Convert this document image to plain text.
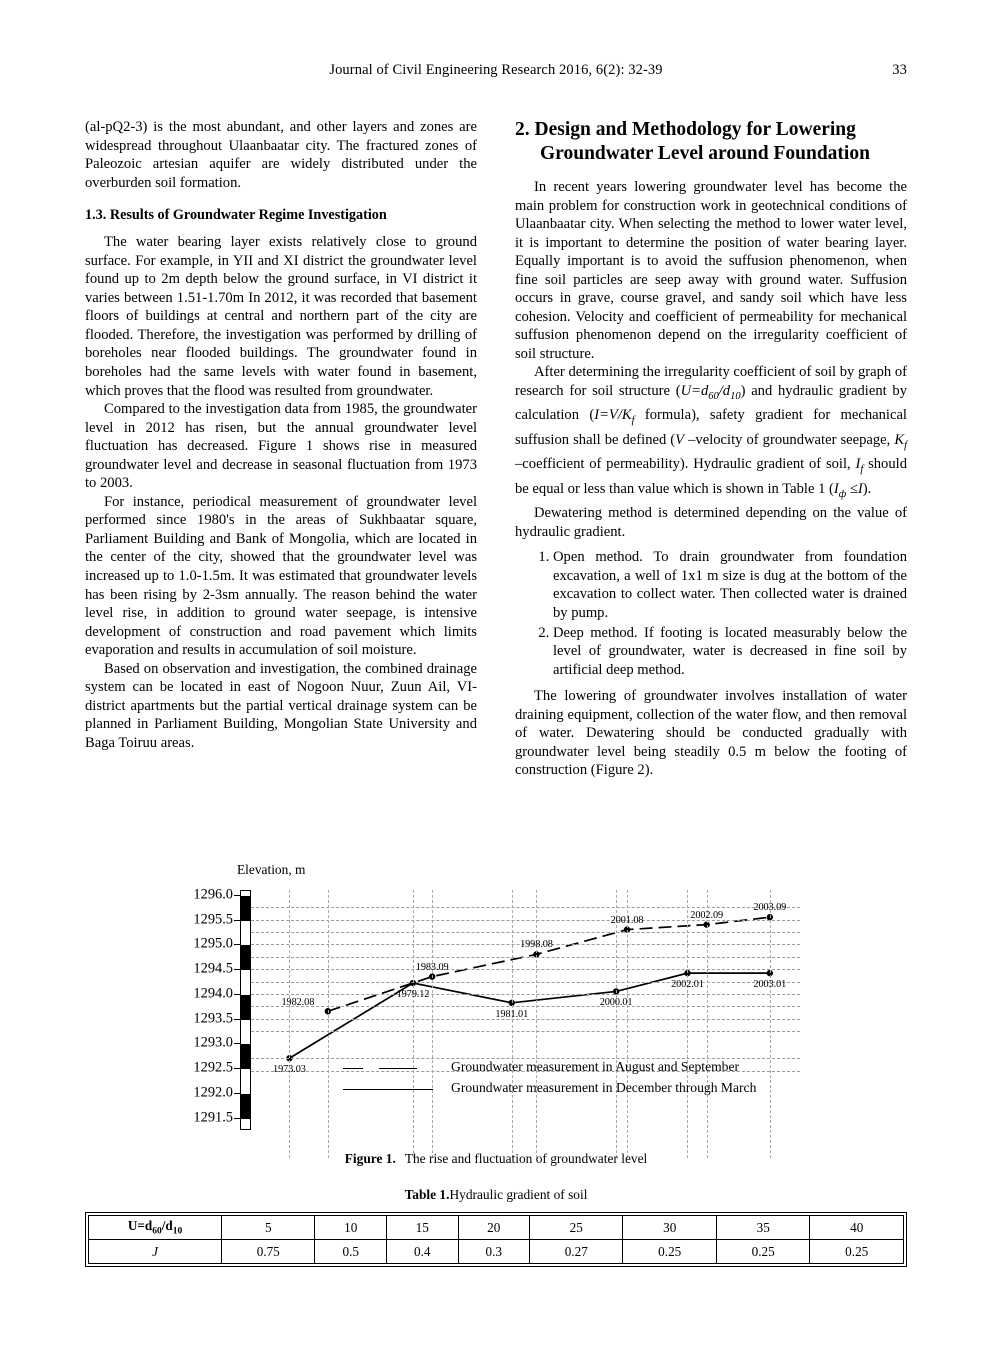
Journal of Civil Engineering Research 2016, 6(2): 32-39	33

(al-pQ2-3) is the most abundant, and other layers and zones are widespread throughout Ulaanbaatar city. The fractured zones of Paleozoic artesian aquifer are widely distributed under the overburden soil formation.

1.3. Results of Groundwater Regime Investigation

The water bearing layer exists relatively close to ground surface. For example, in YII and XI district the groundwater level found up to 2m depth below the ground surface, in VI district it varies between 1.51-1.70m In 2012, it was recorded that basement floors of buildings at central and northern part of the city are flooded. Therefore, the investigation was performed by drilling of boreholes near flooded buildings. The groundwater found in boreholes had the same levels with water found in basement, which proves that the flood was resulted from groundwater.

Compared to the investigation data from 1985, the groundwater level in 2012 has risen, but the annual groundwater level fluctuation has decreased. Figure 1 shows rise in measured groundwater level and decrease in seasonal fluctuation from 1973 to 2003.

For instance, periodical measurement of groundwater level performed since 1980's in the areas of Sukhbaatar square, Parliament Building and Bank of Mongolia, which are located in the center of the city, showed that the groundwater level was increased up to 1.0-1.5m. It was estimated that groundwater levels has been rising by 2-3sm annually. The reason behind the water level rise, in addition to ground water seepage, is intensive development of construction and road pavement which limits evaporation and results in accumulation of soil moisture.

Based on observation and investigation, the combined drainage system can be located in east of Nogoon Nuur, Zuun Ail, VI-district apartments but the partial vertical drainage system can be planned in Parliament Building, Mongolian State University and Baga Toiruu areas.

2. Design and Methodology for Lowering Groundwater Level around Foundation

In recent years lowering groundwater level has become the main problem for construction work in geotechnical conditions of Ulaanbaatar city. When selecting the method to lower water level, it is important to determine the position of water bearing layer. Equally important is to avoid the suffusion phenomenon, when fine soil particles are seep away with ground water. Suffusion occurs in grave, course gravel, and sandy soil which have less cohesion. Velocity and coefficient of permeability for mechanical suffusion phenomenon depend on the irregularity coefficient of soil structure.

After determining the irregularity coefficient of soil by graph of research for soil structure $(U=d_{60}/d_{10})$ and hydraulic gradient by calculation ($I=V/K_f$ formula), safety gradient for mechanical suffusion shall be defined (V –velocity of groundwater seepage, $K_f$ –coefficient of permeability). Hydraulic gradient of soil, $I_f$ should be equal or less than value which is shown in Table 1 $(I_ф \le I)$.

Dewatering method is determined depending on the value of hydraulic gradient.

1. Open method. To drain groundwater from foundation excavation, a well of 1x1 m size is dug at the bottom of the excavation to collect water. Then collected water is drained by pump.
2. Deep method. If footing is located measurably below the level of groundwater, water is decreased in fine soil by artificial deep method.

The lowering of groundwater involves installation of water draining equipment, collection of the water flow, and then removal of water. Dewatering should be conducted gradually with groundwater level being steadily 0.5 m below the footing of construction (Figure 2).

Elevation, m
1296.0
1295.5
1295.0
1294.5
1294.0
1293.5
1293.0
1292.5
1292.0
1291.5
1982.08
1983.09
1998.08
2001.08	2002.09
2003.09
1973.03
1979.12
1981.01
2000.01
2002.01	2003.01
Groundwater measurement in August and September
Groundwater measurement in December through March
Figure 1. The rise and fluctuation of groundwater level
Table 1.Hydraulic gradient of soil
$U=d_{60}/d_{10}$	5	10	15	20	25	30	35	40
J	0.75	0.5	0.4	0.3	0.27	0.25	0.25	0.25
